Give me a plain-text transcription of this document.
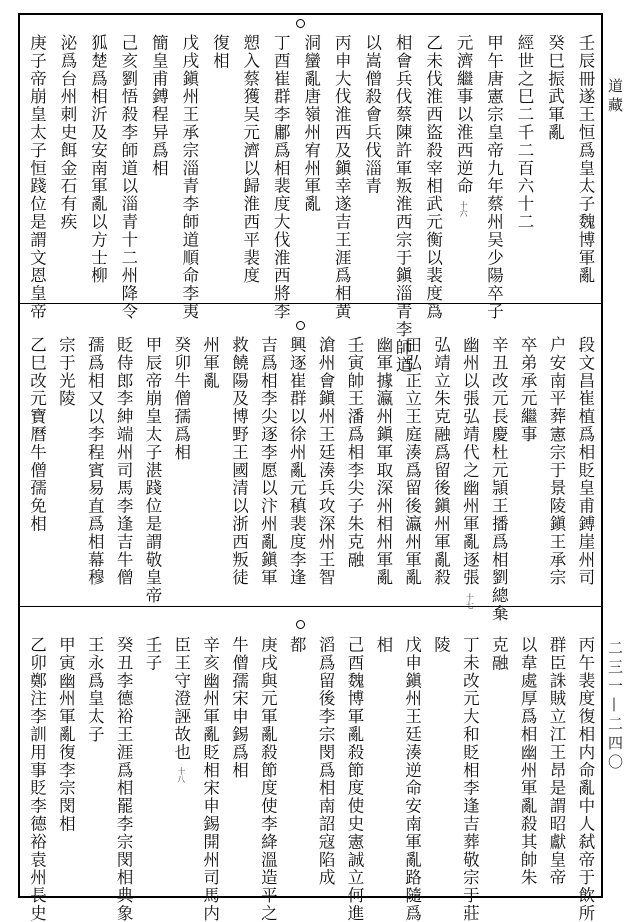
道藏
二三一—二四〇
壬辰冊遂王恒爲皇太子魏博軍亂
癸巳振武軍亂
經世之巳二千二百六十二
甲午唐憲宗皇帝九年蔡州吴少陽卒子
元濟繼事以淮西逆命十六
乙未伐淮西盜殺宰相武元衡以裴度爲
相會兵伐蔡陳許軍叛淮西宗于鎭淄青李師道
以嵩僧殺會兵伐淄青
丙申大伐淮西及鎭幸遂吉王涯爲相黄
洞蠻亂唐嶺州宥州軍亂
丁酉崔群李鄘爲相裴度大伐淮西將李
愬入蔡獲吴元濟以歸淮西平裴度
復相
戊戌鎭州王承宗淄青李師道順命李夷
簡皇甫鎛程异爲相
己亥劉悟殺李師道以淄青十二州降令
狐楚爲相沂及安南軍亂以方士柳
泌爲台州刺史餌金石有疾
庚子帝崩皇太子恒踐位是謂文恩皇帝
段文昌崔植爲相貶皇甫鎛崖州司
户安南平葬憲宗于景陵鎭王承宗
卒弟承元繼事
辛丑改元長慶杜元頴王播爲相劉總棄
幽州以張弘靖代之幽州軍亂逐張十七
弘靖立朱克融爲留後鎭州軍亂殺
田弘正立王庭湊爲留後瀛州軍亂
幽軍據瀛州鎭軍取深州相州軍亂
壬寅帥王潘爲相李尖子朱克融
滄州會鎭州王廷湊兵攻深州王智
興逐崔群以徐州亂元稹裴度李逢
吉爲相李尖逐李愿以汴州亂鎭軍
救饒陽及博野王國清以浙西叛徒
州軍亂
癸卯牛僧孺爲相
甲辰帝崩皇太子湛踐位是謂敬皇帝
貶侍郎李紳端州司馬李逢吉牛僧
孺爲相又以李程賓易直爲相幕穆
宗于光陵
乙巳改元寶曆牛僧孺免相
丙午裴度復相内命亂中人弑帝于飲所
群臣誅賊立江王昂是謂昭獻皇帝
以韋處厚爲相幽州軍亂殺其帥朱
克融
丁未改元大和貶相李逢吉葬敬宗于莊
陵
戊申鎭州王廷湊逆命安南軍亂路隨爲
相
己酉魏博軍亂殺節度使史憲誠立何進
滔爲留後李宗閔爲相南詔寇陷成
都
庚戌與元軍亂殺節度使李絳溫造平之
牛僧孺宋申錫爲相
辛亥幽州軍亂貶相宋申錫開州司馬内
臣王守澄誣故也十八
壬子
癸丑李德裕王涯爲相罷李宗閔相典象
王永爲皇太子
甲寅幽州軍亂復李宗閔相
乙卯鄭注李訓用事貶李德裕袁州長史
